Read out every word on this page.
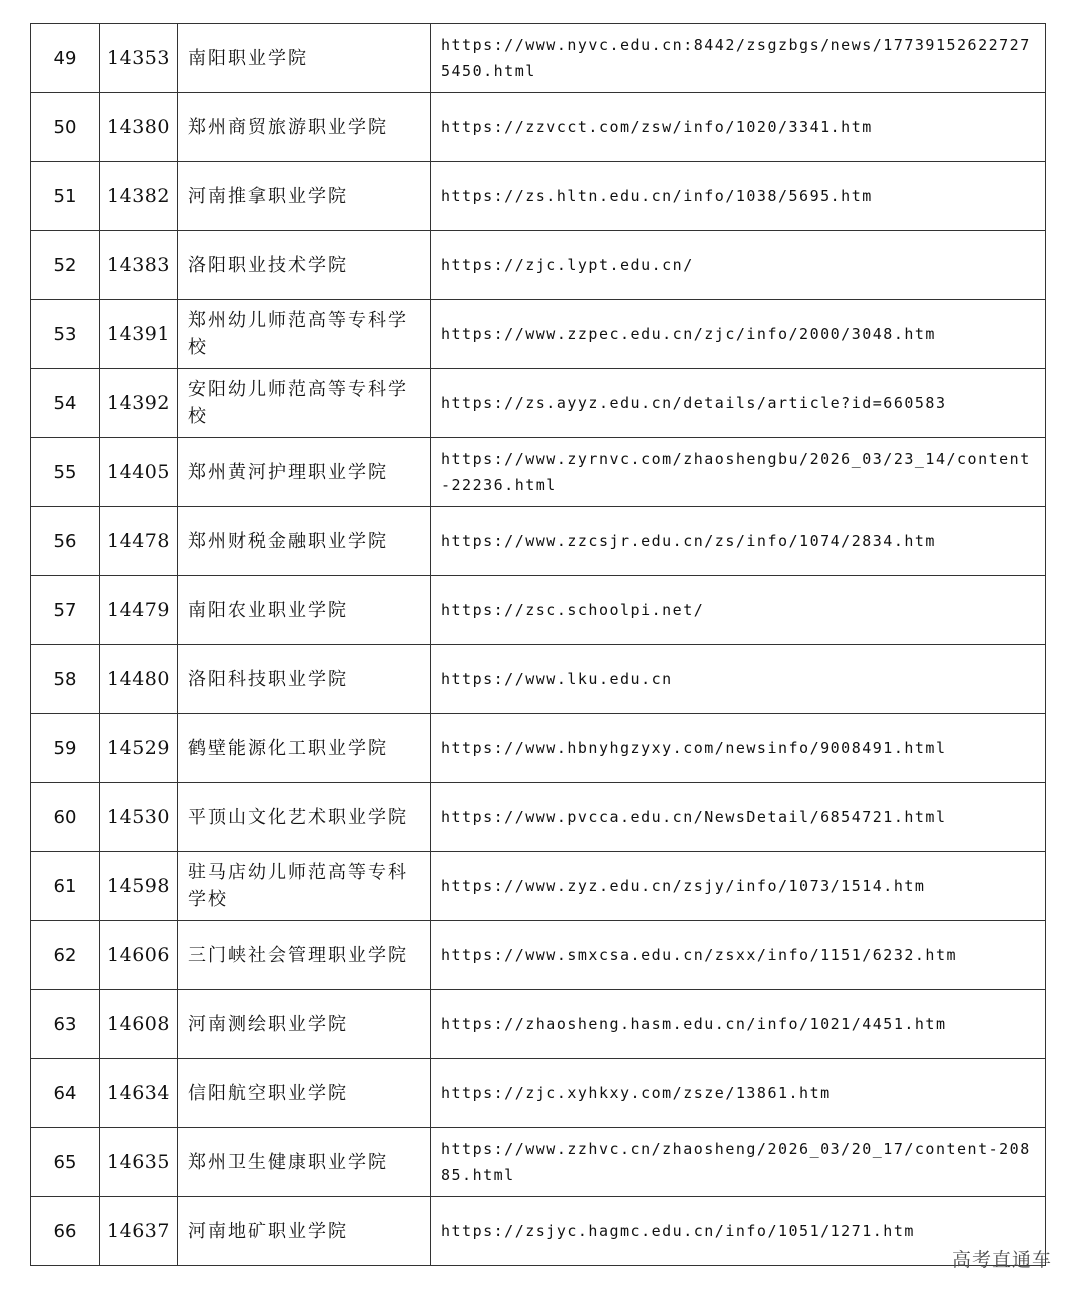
49	14353	南阳职业学院	https://www.nyvc.edu.cn:8442/zsgzbgs/news/177391526227275450.html
50	14380	郑州商贸旅游职业学院	https://zzvcct.com/zsw/info/1020/3341.htm
51	14382	河南推拿职业学院	https://zs.hltn.edu.cn/info/1038/5695.htm
52	14383	洛阳职业技术学院	https://zjc.lypt.edu.cn/
53	14391	郑州幼儿师范高等专科学校	https://www.zzpec.edu.cn/zjc/info/2000/3048.htm
54	14392	安阳幼儿师范高等专科学校	https://zs.ayyz.edu.cn/details/article?id=660583
55	14405	郑州黄河护理职业学院	https://www.zyrnvc.com/zhaoshengbu/2026_03/23_14/content-22236.html
56	14478	郑州财税金融职业学院	https://www.zzcsjr.edu.cn/zs/info/1074/2834.htm
57	14479	南阳农业职业学院	https://zsc.schoolpi.net/
58	14480	洛阳科技职业学院	https://www.lku.edu.cn
59	14529	鹤壁能源化工职业学院	https://www.hbnyhgzyxy.com/newsinfo/9008491.html
60	14530	平顶山文化艺术职业学院	https://www.pvcca.edu.cn/NewsDetail/6854721.html
61	14598	驻马店幼儿师范高等专科学校	https://www.zyz.edu.cn/zsjy/info/1073/1514.htm
62	14606	三门峡社会管理职业学院	https://www.smxcsa.edu.cn/zsxx/info/1151/6232.htm
63	14608	河南测绘职业学院	https://zhaosheng.hasm.edu.cn/info/1021/4451.htm
64	14634	信阳航空职业学院	https://zjc.xyhkxy.com/zsze/13861.htm
65	14635	郑州卫生健康职业学院	https://www.zzhvc.cn/zhaosheng/2026_03/20_17/content-20885.html
66	14637	河南地矿职业学院	https://zsjyc.hagmc.edu.cn/info/1051/1271.htm
高考直通车
